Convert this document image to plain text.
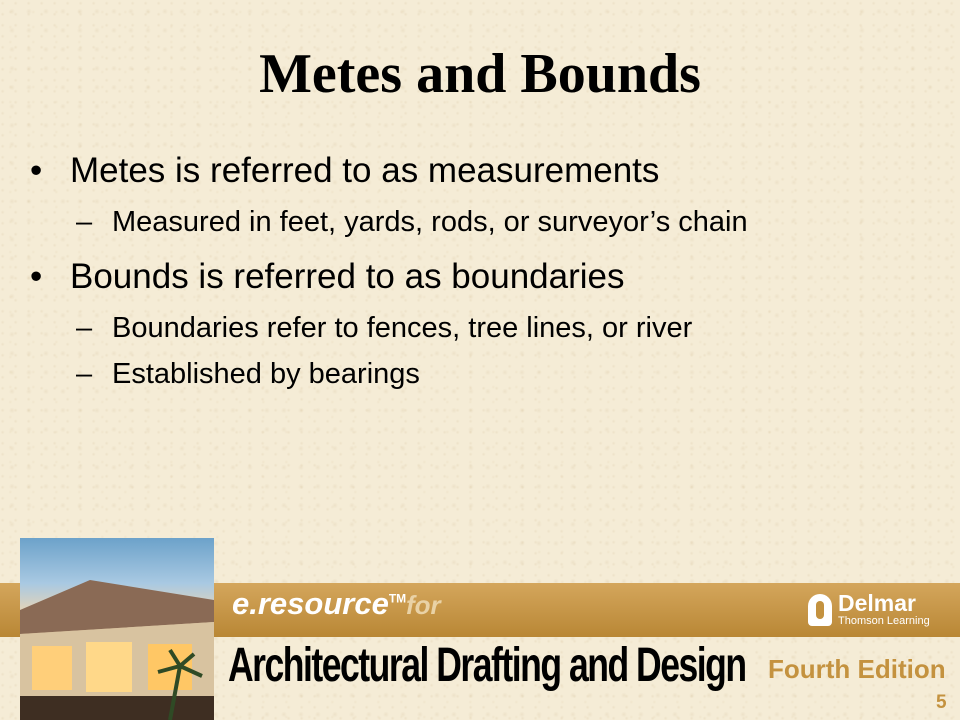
Metes and Bounds
• Metes is referred to as measurements
– Measured in feet, yards, rods, or surveyor’s chain
• Bounds is referred to as boundaries
– Boundaries refer to fences, tree lines, or river
– Established by bearings
e.resource™ for	Delmar
Thomson Learning
Architectural Drafting and Design Fourth Edition
5
